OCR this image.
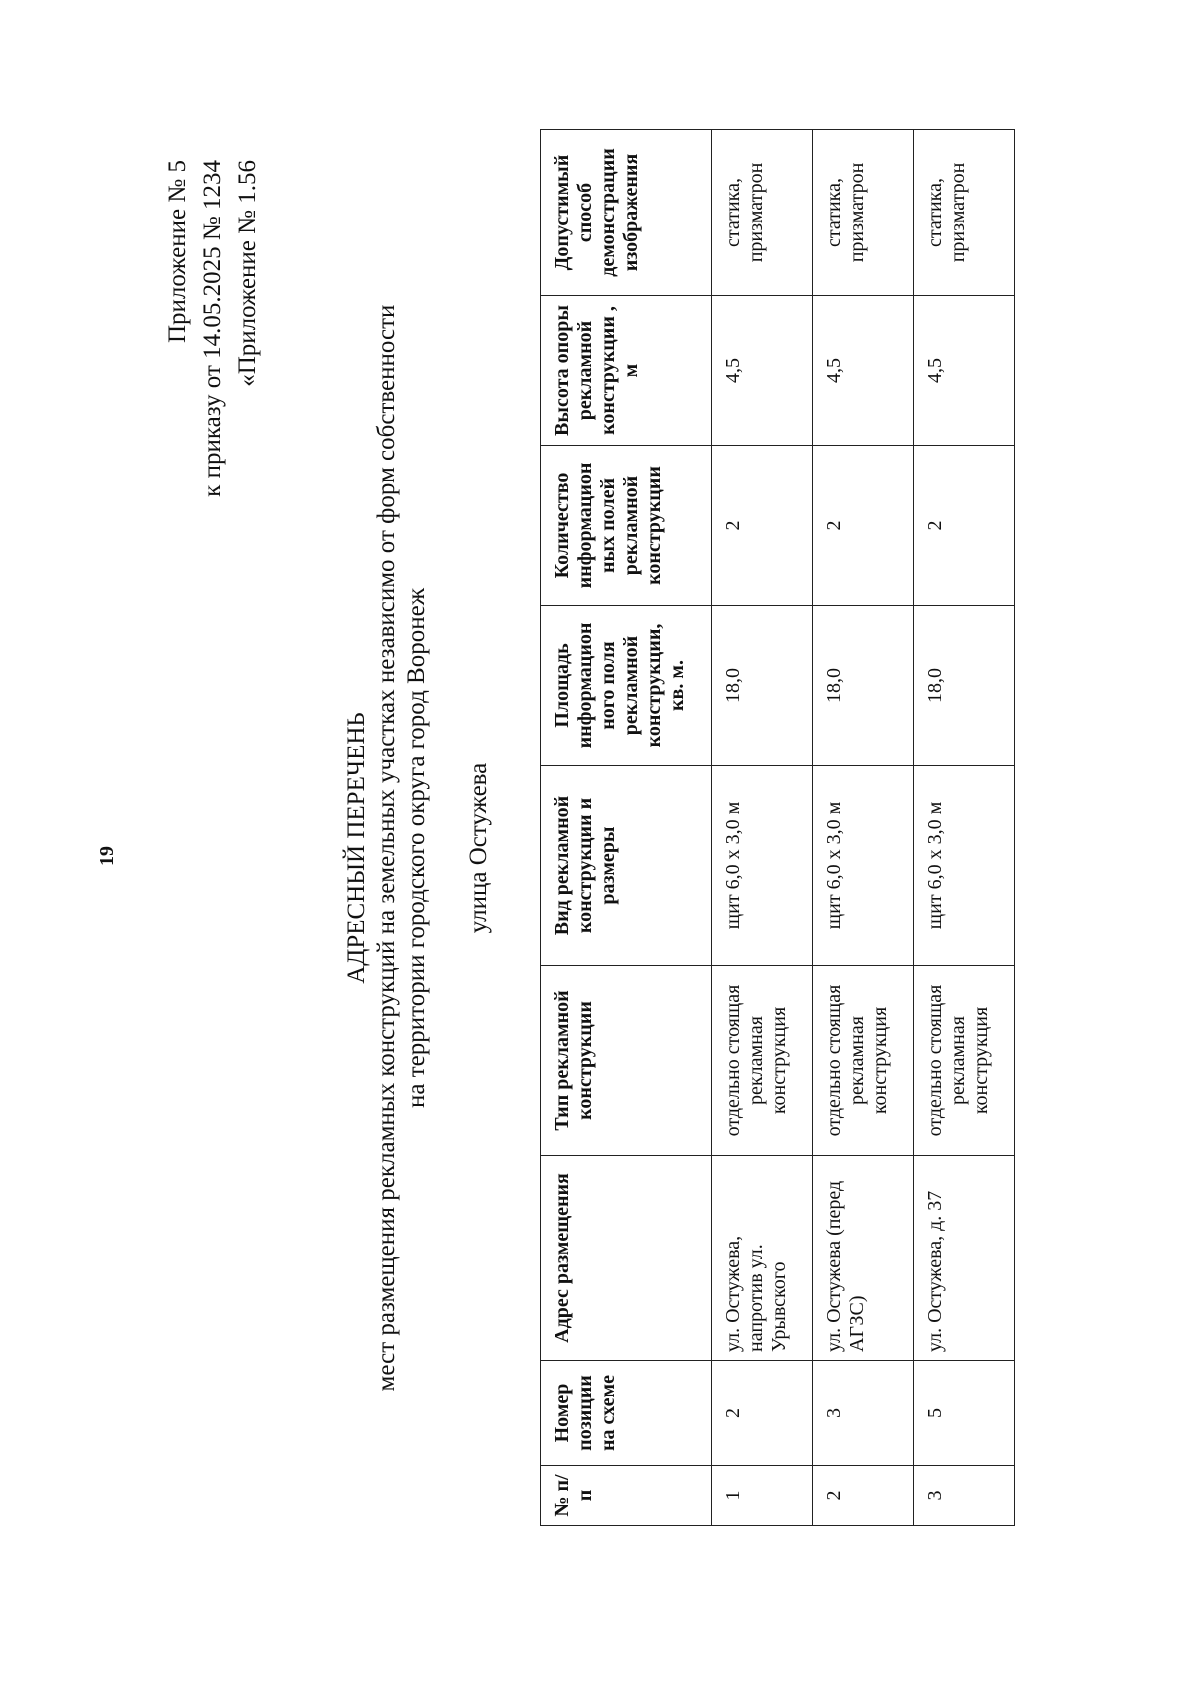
19
Приложение № 5 к приказу от 14.05.2025 № 1234 «Приложение № 1.56
АДРЕСНЫЙ ПЕРЕЧЕНЬ мест размещения рекламных конструкций на земельных участках независимо от форм собственности на территории городского округа город Воронеж улица Остужева
№ п/п	Номер позиции на схеме	Адрес размещения	Тип рекламной конструкции	Вид рекламной конструкции и размеры	Площадь информацион ного поля рекламной конструкции, кв. м.	Количество информацион ных полей рекламной конструкции	Высота опоры рекламной конструкции , м	Допустимый способ демонстрации изображения
1	2	ул. Остужева, напротив ул. Урывского	отдельно стоящая рекламная конструкция	щит 6,0 х 3,0 м	18,0	2	4,5	статика, призматрон
2	3	ул. Остужева (перед АГЗС)	отдельно стоящая рекламная конструкция	щит 6,0 х 3,0 м	18,0	2	4,5	статика, призматрон
3	5	ул. Остужева, д. 37	отдельно стоящая рекламная конструкция	щит 6,0 х 3,0 м	18,0	2	4,5	статика, призматрон
